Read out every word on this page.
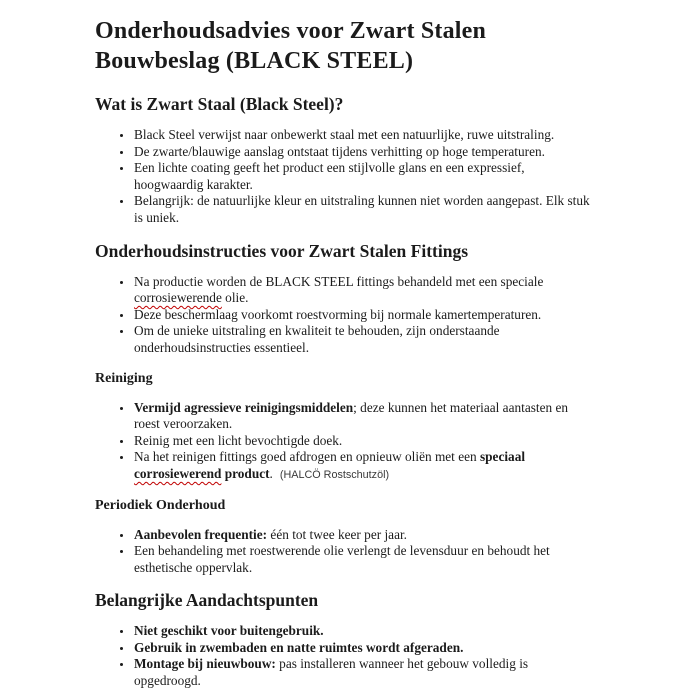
Onderhoudsadvies voor Zwart Stalen
Bouwbeslag (BLACK STEEL)
Wat is Zwart Staal (Black Steel)?
• Black Steel verwijst naar onbewerkt staal met een natuurlijke, ruwe uitstraling.
• De zwarte/blauwige aanslag ontstaat tijdens verhitting op hoge temperaturen.
• Een lichte coating geeft het product een stijlvolle glans en een expressief, hoogwaardig karakter.
• Belangrijk: de natuurlijke kleur en uitstraling kunnen niet worden aangepast. Elk stuk is uniek.
Onderhoudsinstructies voor Zwart Stalen Fittings
• Na productie worden de BLACK STEEL fittings behandeld met een speciale corrosiewerende olie.
• Deze beschermlaag voorkomt roestvorming bij normale kamertemperaturen.
• Om de unieke uitstraling en kwaliteit te behouden, zijn onderstaande onderhoudsinstructies essentieel.
Reiniging
• Vermijd agressieve reinigingsmiddelen; deze kunnen het materiaal aantasten en roest veroorzaken.
• Reinig met een licht bevochtigde doek.
• Na het reinigen fittings goed afdrogen en opnieuw oliën met een speciaal corrosiewerend product. (HALCÖ Rostschutzöl)
Periodiek Onderhoud
• Aanbevolen frequentie: één tot twee keer per jaar.
• Een behandeling met roestwerende olie verlengt de levensduur en behoudt het esthetische oppervlak.
Belangrijke Aandachtspunten
• Niet geschikt voor buitengebruik.
• Gebruik in zwembaden en natte ruimtes wordt afgeraden.
• Montage bij nieuwbouw: pas installeren wanneer het gebouw volledig is opgedroogd.
